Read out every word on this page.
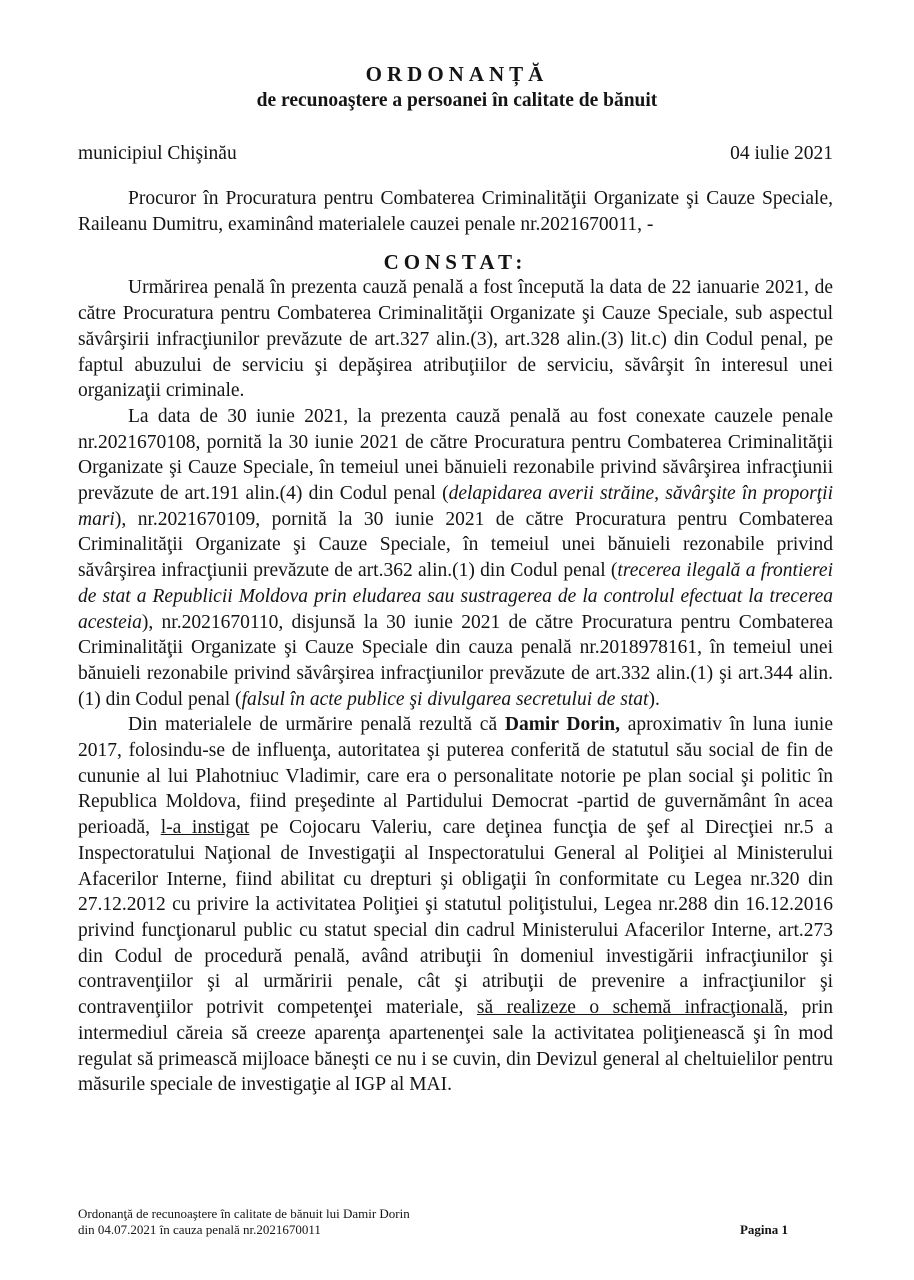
ORDONANȚĂ
de recunoaştere a persoanei în calitate de bănuit
municipiul Chişinău	04 iulie 2021

Procuror în Procuratura pentru Combaterea Criminalităţii Organizate şi Cauze Speciale, Raileanu Dumitru, examinând materialele cauzei penale nr.2021670011, -

CONSTAT:

Urmărirea penală în prezenta cauză penală a fost începută la data de 22 ianuarie 2021, de către Procuratura pentru Combaterea Criminalităţii Organizate şi Cauze Speciale, sub aspectul săvârşirii infracţiunilor prevăzute de art.327 alin.(3), art.328 alin.(3) lit.c) din Codul penal, pe faptul abuzului de serviciu şi depăşirea atribuţiilor de serviciu, săvârşit în interesul unei organizaţii criminale.

La data de 30 iunie 2021, la prezenta cauză penală au fost conexate cauzele penale nr.2021670108, pornită la 30 iunie 2021 de către Procuratura pentru Combaterea Criminalităţii Organizate şi Cauze Speciale, în temeiul unei bănuieli rezonabile privind săvârşirea infracţiunii prevăzute de art.191 alin.(4) din Codul penal (delapidarea averii străine, săvârşite în proporţii mari), nr.2021670109, pornită la 30 iunie 2021 de către Procuratura pentru Combaterea Criminalităţii Organizate şi Cauze Speciale, în temeiul unei bănuieli rezonabile privind săvârşirea infracţiunii prevăzute de art.362 alin.(1) din Codul penal (trecerea ilegală a frontierei de stat a Republicii Moldova prin eludarea sau sustragerea de la controlul efectuat la trecerea acesteia), nr.2021670110, disjunsă la 30 iunie 2021 de către Procuratura pentru Combaterea Criminalităţii Organizate şi Cauze Speciale din cauza penală nr.2018978161, în temeiul unei bănuieli rezonabile privind săvârşirea infracţiunilor prevăzute de art.332 alin.(1) şi art.344 alin.(1) din Codul penal (falsul în acte publice şi divulgarea secretului de stat).

Din materialele de urmărire penală rezultă că Damir Dorin, aproximativ în luna iunie 2017, folosindu-se de influenţa, autoritatea şi puterea conferită de statutul său social de fin de cununie al lui Plahotniuc Vladimir, care era o personalitate notorie pe plan social şi politic în Republica Moldova, fiind preşedinte al Partidului Democrat -partid de guvernământ în acea perioadă, l-a instigat pe Cojocaru Valeriu, care deţinea funcţia de şef al Direcţiei nr.5 a Inspectoratului Naţional de Investigaţii al Inspectoratului General al Poliţiei al Ministerului Afacerilor Interne, fiind abilitat cu drepturi şi obligaţii în conformitate cu Legea nr.320 din 27.12.2012 cu privire la activitatea Poliţiei şi statutul poliţistului, Legea nr.288 din 16.12.2016 privind funcţionarul public cu statut special din cadrul Ministerului Afacerilor Interne, art.273 din Codul de procedură penală, având atribuţii în domeniul investigării infracţiunilor şi contravenţiilor şi al urmăririi penale, cât şi atribuţii de prevenire a infracţiunilor şi contravenţiilor potrivit competenţei materiale, să realizeze o schemă infracţională, prin intermediul căreia să creeze aparenţa apartenenţei sale la activitatea poliţienească şi în mod regulat să primească mijloace băneşti ce nu i se cuvin, din Devizul general al cheltuielilor pentru măsurile speciale de investigaţie al IGP al MAI.

Ordonanţă de recunoaştere în calitate de bănuit lui Damir Dorin
din 04.07.2021 în cauza penală nr.2021670011	Pagina 1
